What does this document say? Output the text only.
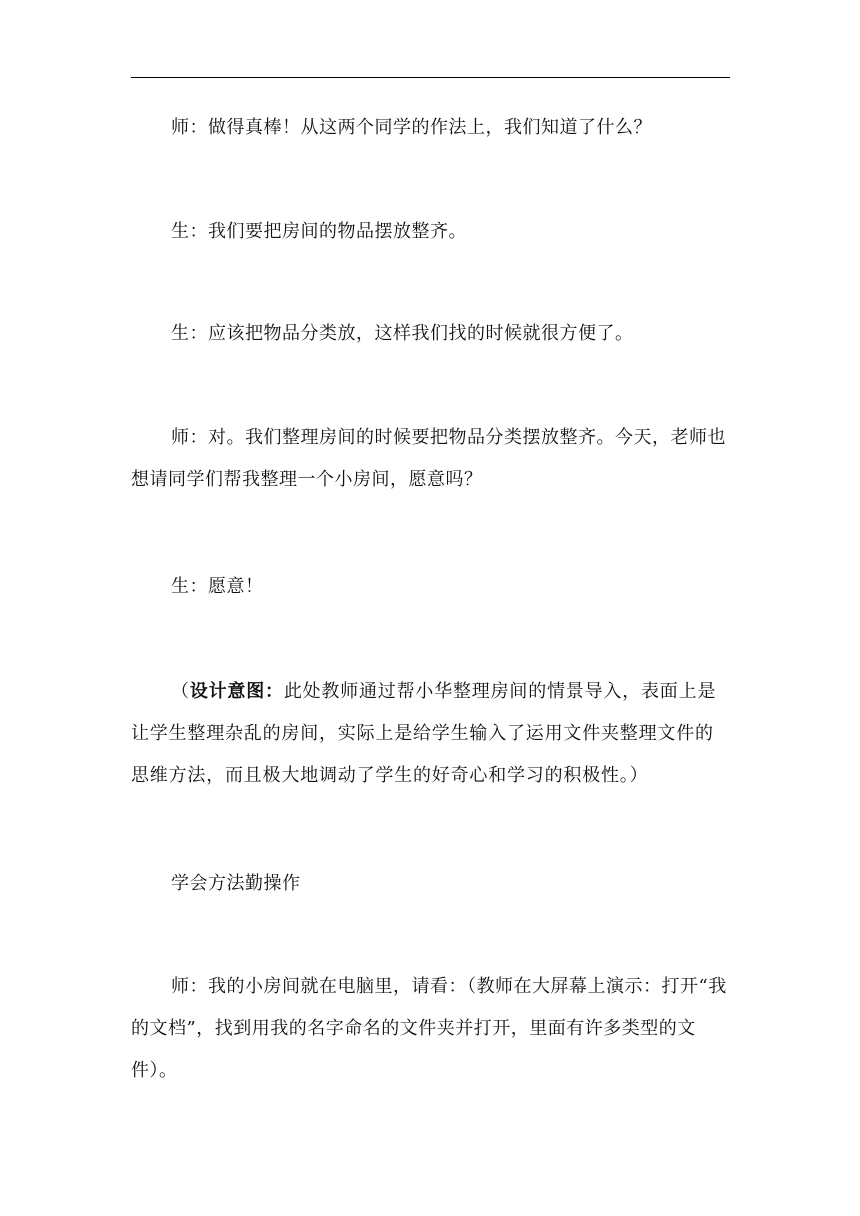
师：做得真棒！从这两个同学的作法上，我们知道了什么？

生：我们要把房间的物品摆放整齐。

生：应该把物品分类放，这样我们找的时候就很方便了。

师：对。我们整理房间的时候要把物品分类摆放整齐。今天，老师也想请同学们帮我整理一个小房间，愿意吗？

生：愿意！

（设计意图：此处教师通过帮小华整理房间的情景导入，表面上是让学生整理杂乱的房间，实际上是给学生输入了运用文件夹整理文件的思维方法，而且极大地调动了学生的好奇心和学习的积极性。）

学会方法勤操作

师：我的小房间就在电脑里，请看：（教师在大屏幕上演示：打开“我的文档”，找到用我的名字命名的文件夹并打开，里面有许多类型的文件）。
